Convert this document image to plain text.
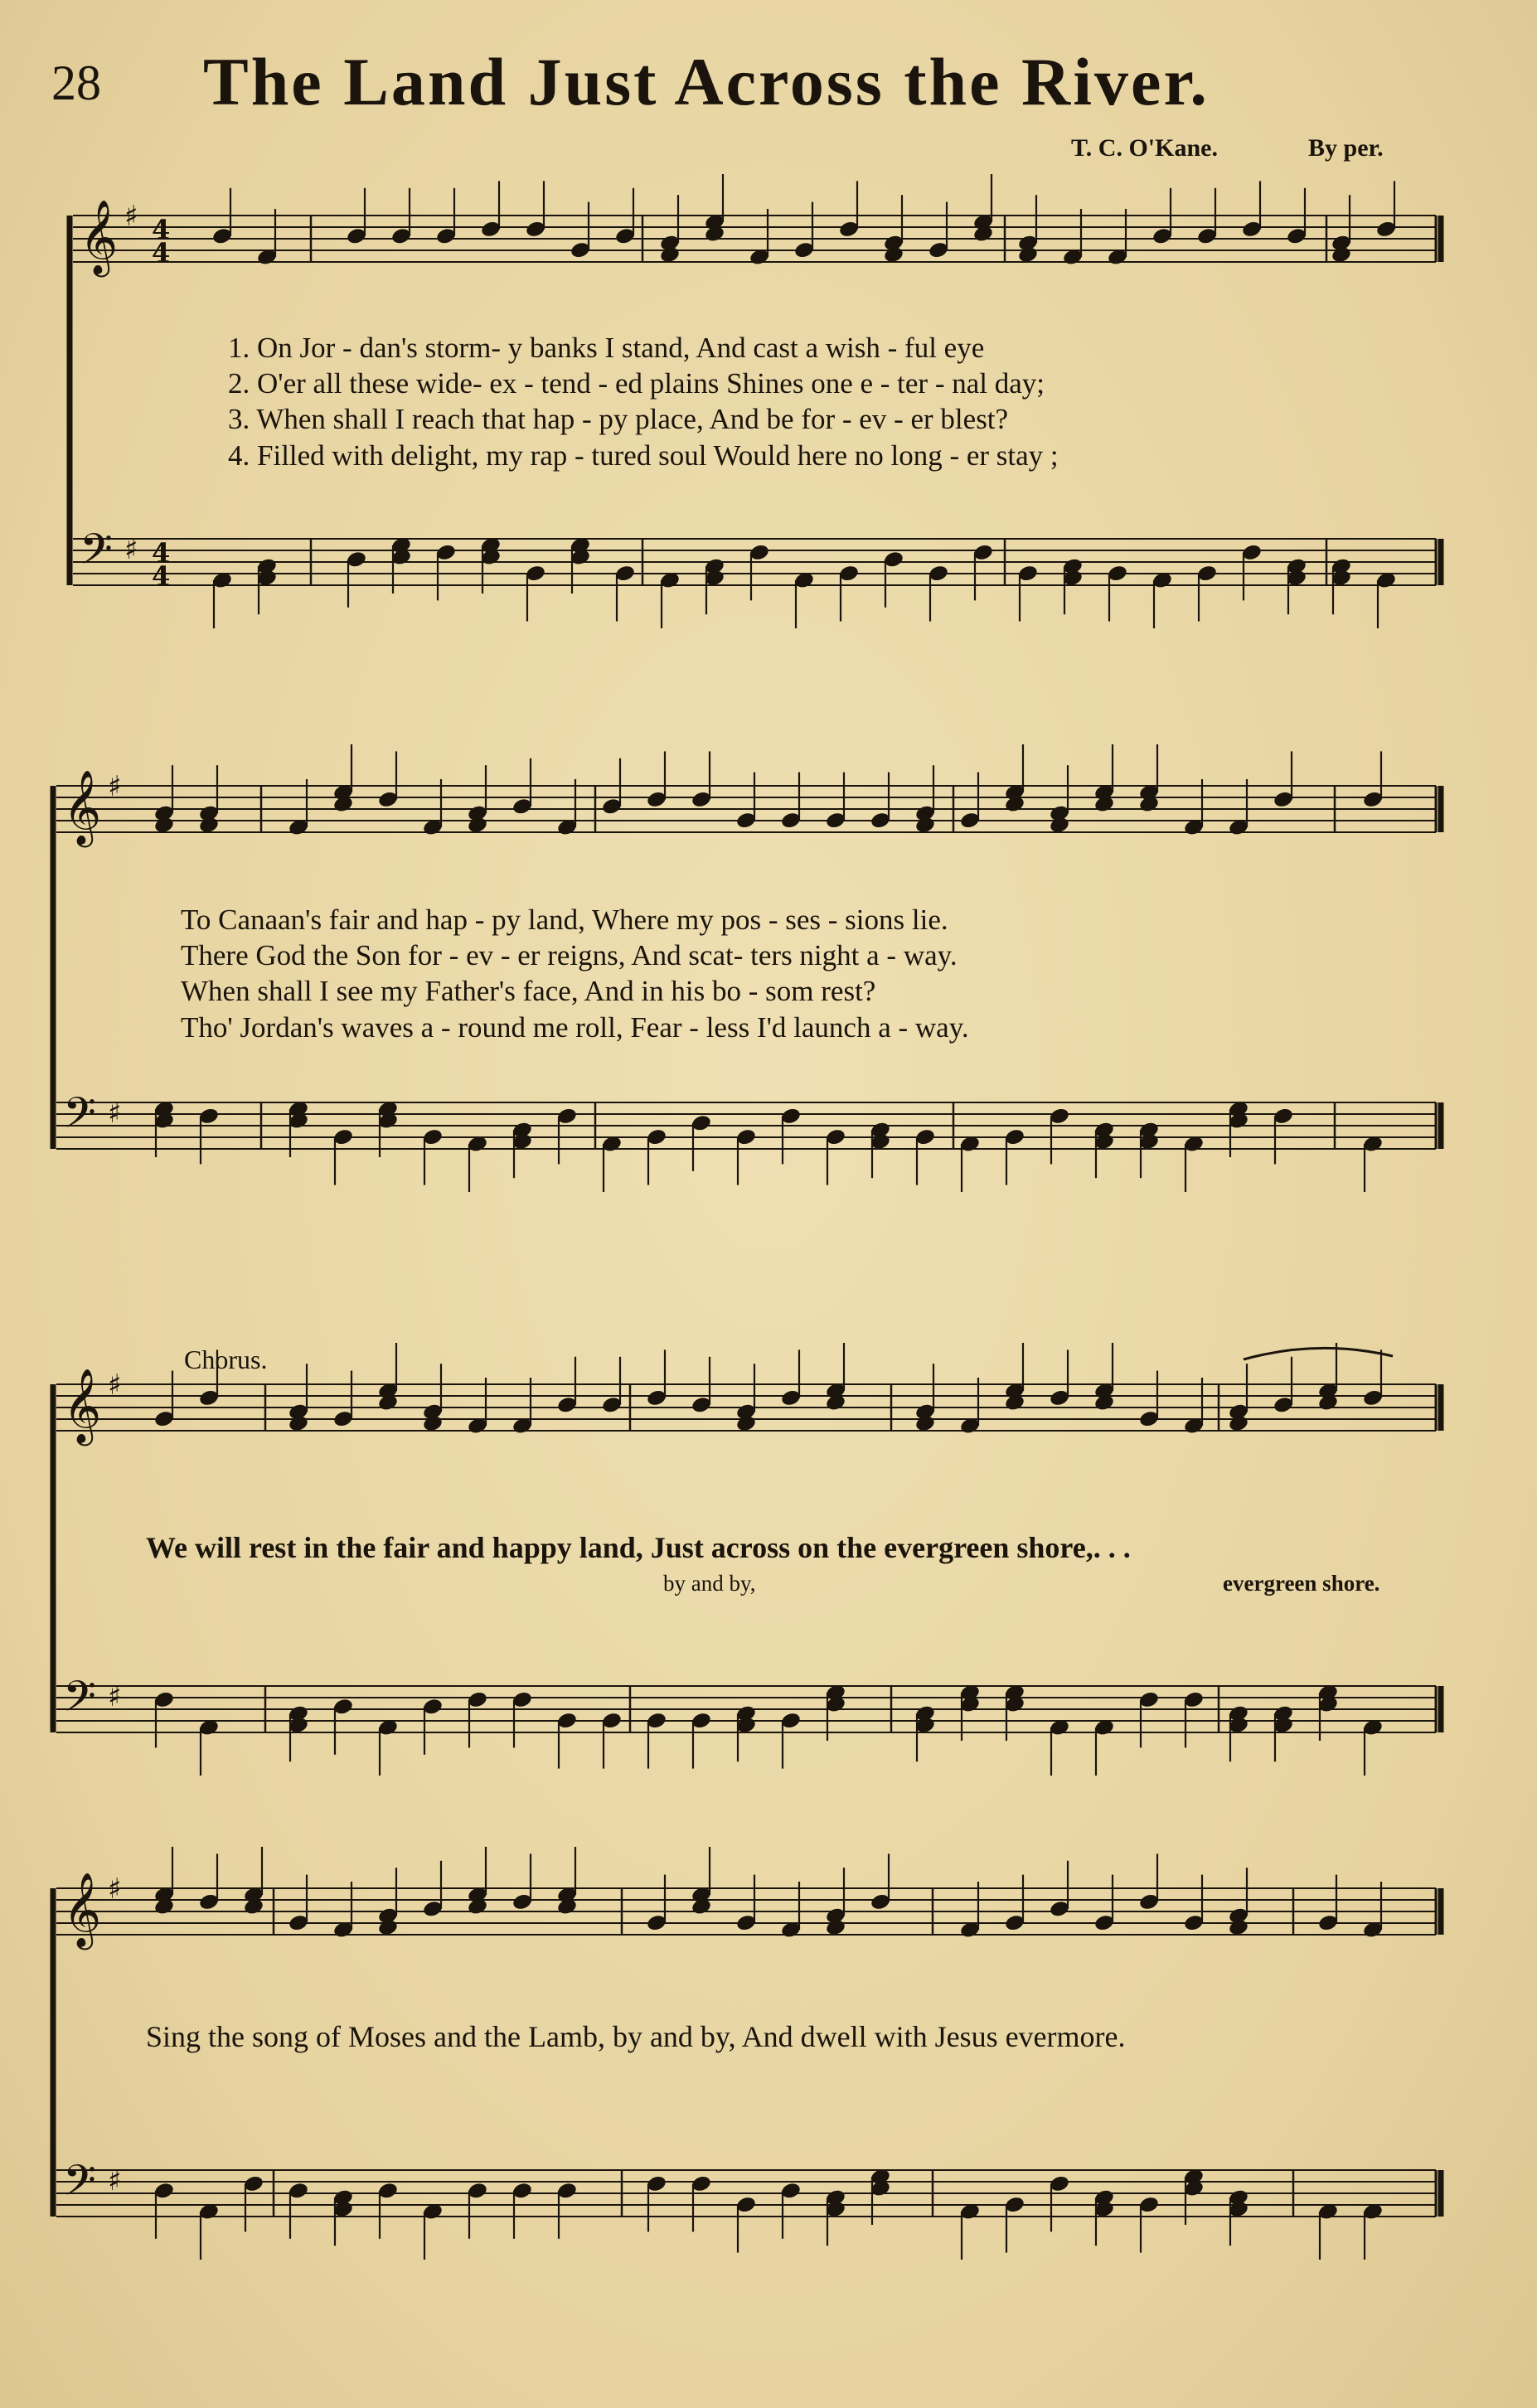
28 The Land Just Across the River.
T. C. O'Kane.	By per.
𝄞 ♯
𝄢 ♯
𝄞 ♯
𝄢 ♯
𝄞 ♯
𝄢 ♯
𝄞 ♯
𝄢 ♯
4
4
4
4
1. On Jor - dan's storm- y banks I stand, And cast a wish - ful eye
2. O'er all these wide- ex - tend - ed plains Shines one e - ter - nal day;
3. When shall I reach that hap - py place, And be for - ev - er blest?
4. Filled with delight, my rap - tured soul Would here no long - er stay ;
To Canaan's fair and hap - py land, Where my pos - ses - sions lie.
There God the Son for - ev - er reigns, And scat- ters night a - way.
When shall I see my Father's face, And in his bo - som rest?
Tho' Jordan's waves a - round me roll, Fear - less I'd launch a - way.
Chorus.
We will rest in the fair and happy land, Just across on the evergreen shore,. . .
by and by,	evergreen shore.
Sing the song of Moses and the Lamb, by and by, And dwell with Jesus evermore.
